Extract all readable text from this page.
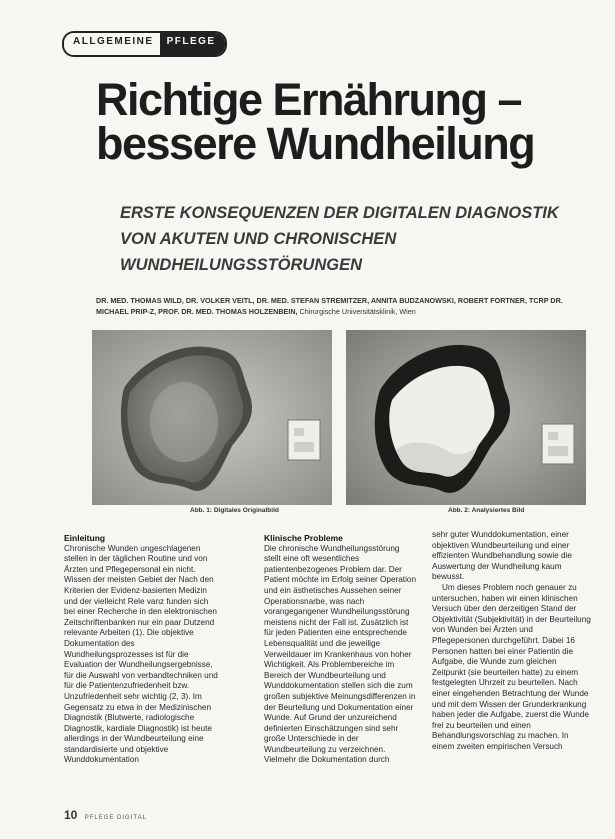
ALLGEMEINE	PFLEGE
Richtige Ernährung – bessere Wundheilung
ERSTE KONSEQUENZEN DER DIGITALEN DIAGNOSTIK VON AKUTEN UND CHRONISCHEN WUNDHEILUNGSSTÖRUNGEN
DR. MED. THOMAS WILD, DR. VOLKER VEITL, DR. MED. STEFAN STREMITZER, ANNITA BUDZANOWSKI, ROBERT FORTNER, TCRP DR. MICHAEL PRIP-Z, PROF. DR. MED. THOMAS HOLZENBEIN, Chirurgische Universitätsklinik, Wien
Abb. 1: Digitales Originalbild	Abb. 2: Analysiertes Bild
Einleitung

Chronische Wunden ungeschlagenen stellen in der täglichen Routine und von Ärzten und Pflegepersonal ein nicht. Wissen der meisten Gebiet der Nach den Kriterien der Evidenz-basierten Medizin und der vielleicht Rele vanz funden sich bei einer Recherche in den elektronischen Zeitschriftenbanken nur ein paar Dutzend relevante Arbeiten (1). Die objektive Dokumentation des Wundheilungsprozesses ist für die Evaluation der Wundheilungsergebnisse, für die Auswahl von verbandtechniken und für die Patientenzufriedenheit bzw. Unzufriedenheit sehr wichtig (2, 3). Im Gegensatz zu etwa in der Medizinischen Diagnostik (Blutwerte, radiologische Diagnostik, kardiale Diagnostik) ist heute allerdings in der Wundbeurteilung eine standardisierte und objektive Wunddokumentation

Klinische Probleme

Die chronische Wundheilungsstörung stellt eine oft wesentliches patientenbezogenes Problem dar. Der Patient möchte im Erfolg seiner Operation und ein ästhetisches Aussehen seiner Operationsnarbe, was nach vorangegangener Wundheilungsstörung meistens nicht der Fall ist. Zusätzlich ist für jeden Patienten eine entsprechende Lebensqualität und die jeweilige Verweildauer im Krankenhaus von hoher Wichtigkeit. Als Problembereiche im Bereich der Wundbeurteilung und Wunddokumentation stellen sich die zum großen subjektive Meinungsdifferenzen in der Beurteilung und Dokumentation einer Wunde. Auf Grund der unzureichend definierten Einschätzungen sind sehr große Unterschiede in der Wundbeurteilung zu verzeichnen. Vielmehr die Dokumentation durch

sehr guter Wunddokumentation, einer objektiven Wundbeurteilung und einer effizienten Wundbehandlung sowie die Auswertung der Wundheilung kaum bewusst.

Um dieses Problem noch genauer zu untersuchen, haben wir einen klinischen Versuch über den derzeitigen Stand der Objektivität (Subjektivität) in der Beurteilung von Wunden bei Ärzten und Pflegepersonen durchgeführt. Dabei 16 Personen hatten bei einer Patientin die Aufgabe, die Wunde zum gleichen Zeitpunkt (sie beurteilen hatte) zu einem festgelegten Uhrzeit zu beurteilen. Nach einer eingehenden Betrachtung der Wunde und mit dem Wissen der Grunderkrankung haben jeder die Aufgabe, zuerst die Wunde frei zu beurteilen und einen Behandlungsvorschlag zu machen. In einem zweiten empirischen Versuch

10 PFLEGE DIGITAL
